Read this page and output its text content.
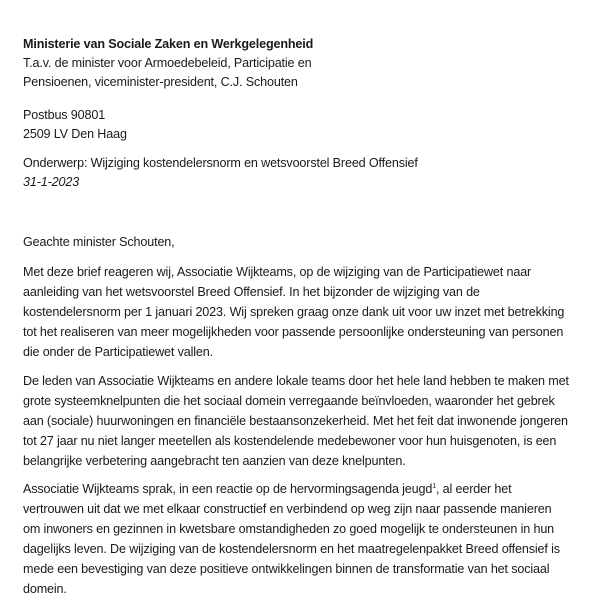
Ministerie van Sociale Zaken en Werkgelegenheid
T.a.v. de minister voor Armoedebeleid, Participatie en
Pensioenen, viceminister-president, C.J. Schouten
Postbus 90801
2509 LV Den Haag
Onderwerp: Wijziging kostendelersnorm en wetsvoorstel Breed Offensief
31-1-2023
Geachte minister Schouten,
Met deze brief reageren wij, Associatie Wijkteams, op de wijziging van de Participatiewet naar
aanleiding van het wetsvoorstel Breed Offensief. In het bijzonder de wijziging van de
kostendelersnorm per 1 januari 2023. Wij spreken graag onze dank uit voor uw inzet met betrekking
tot het realiseren van meer mogelijkheden voor passende persoonlijke ondersteuning van personen
die onder de Participatiewet vallen.
De leden van Associatie Wijkteams en andere lokale teams door het hele land hebben te maken met
grote systeemknelpunten die het sociaal domein verregaande beïnvloeden, waaronder het gebrek
aan (sociale) huurwoningen en financiële bestaansonzekerheid. Met het feit dat inwonende jongeren
tot 27 jaar nu niet langer meetellen als kostendelende medebewoner voor hun huisgenoten, is een
belangrijke verbetering aangebracht ten aanzien van deze knelpunten.
Associatie Wijkteams sprak, in een reactie op de hervormingsagenda jeugd$^1$, al eerder het
vertrouwen uit dat we met elkaar constructief en verbindend op weg zijn naar passende manieren
om inwoners en gezinnen in kwetsbare omstandigheden zo goed mogelijk te ondersteunen in hun
dagelijks leven. De wijziging van de kostendelersnorm en het maatregelenpakket Breed offensief is
mede een bevestiging van deze positieve ontwikkelingen binnen de transformatie van het sociaal
domein.
